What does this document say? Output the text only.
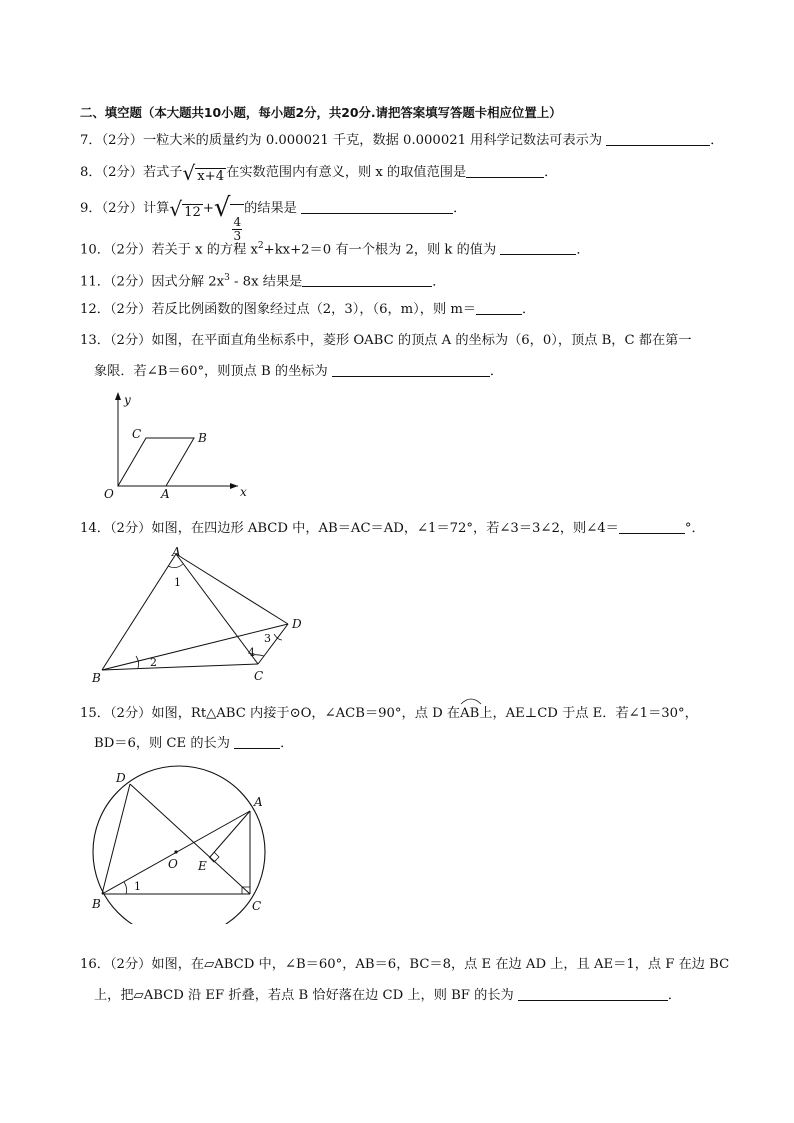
二、填空题（本大题共10小题，每小题2分，共20分.请把答案填写答题卡相应位置上）
7．（2分）一粒大米的质量约为 0.000021 千克，数据 0.000021 用科学记数法可表示为	．
8．（2分）若式子√ x+4 在实数范围内有意义，则 x 的取值范围是	．
9．（2分）计算√ 12 +√
$\frac{4}{3}$
的结果是	．
10．（2分）若关于 x 的方程 $x^2+kx+2=0$ 有一个根为 2，则 k 的值为	．
11．（2分）因式分解 $2x^3 - 8x$ 结果是	．
12．（2分）若反比例函数的图象经过点（2，3），（6，m），则 m＝	．
13．（2分）如图，在平面直角坐标系中，菱形 OABC 的顶点 A 的坐标为（6，0），顶点 B，C 都在第一
象限．若∠B＝60°，则顶点 B 的坐标为	．
y
x
O	A
B
C
14．（2分）如图，在四边形 ABCD 中，AB＝AC＝AD，∠1＝72°，若∠3＝3∠2，则∠4＝	°．
A
B	C
D
1
2
3
4
15．（2分）如图，Rt△ABC 内接于⊙O，∠ACB＝90°，点 D 在
AB上，AE⊥CD 于点 E．若∠1＝30°，
BD＝6，则 CE 的长为	．
A
B	C
D
O E
1
16．（2分）如图，在▱ABCD 中，∠B＝60°，AB＝6，BC＝8，点 E 在边 AD 上，且 AE＝1，点 F 在边 BC
上，把▱ABCD 沿 EF 折叠，若点 B 恰好落在边 CD 上，则 BF 的长为	．
